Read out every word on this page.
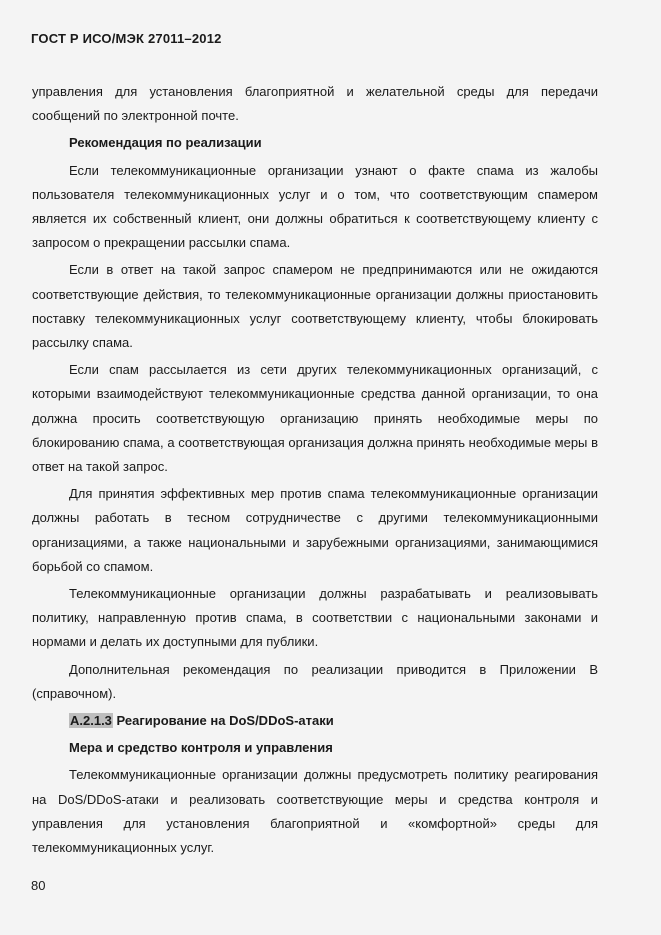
ГОСТ Р ИСО/МЭК 27011–2012

управления для установления благоприятной и желательной среды для передачи сообщений по электронной почте.

Рекомендация по реализации

Если телекоммуникационные организации узнают о факте спама из жалобы пользователя телекоммуникационных услуг и о том, что соответствующим спамером является их собственный клиент, они должны обратиться к соответствующему клиенту с запросом о прекращении рассылки спама.

Если в ответ на такой запрос спамером не предпринимаются или не ожидаются соответствующие действия, то телекоммуникационные организации должны приостановить поставку телекоммуникационных услуг соответствующему клиенту, чтобы блокировать рассылку спама.

Если спам рассылается из сети других телекоммуникационных организаций, с которыми взаимодействуют телекоммуникационные средства данной организации, то она должна просить соответствующую организацию принять необходимые меры по блокированию спама, а соответствующая организация должна принять необходимые меры в ответ на такой запрос.

Для принятия эффективных мер против спама телекоммуникационные организации должны работать в тесном сотрудничестве с другими телекоммуникационными организациями, а также национальными и зарубежными организациями, занимающимися борьбой со спамом.

Телекоммуникационные организации должны разрабатывать и реализовывать политику, направленную против спама, в соответствии с национальными законами и нормами и делать их доступными для публики.

Дополнительная рекомендация по реализации приводится в Приложении В (справочном).

A.2.1.3 Реагирование на DoS/DDoS-атаки

Мера и средство контроля и управления

Телекоммуникационные организации должны предусмотреть политику реагирования на DoS/DDoS-атаки и реализовать соответствующие меры и средства контроля и управления для установления благоприятной и «комфортной» среды для телекоммуникационных услуг.

80
